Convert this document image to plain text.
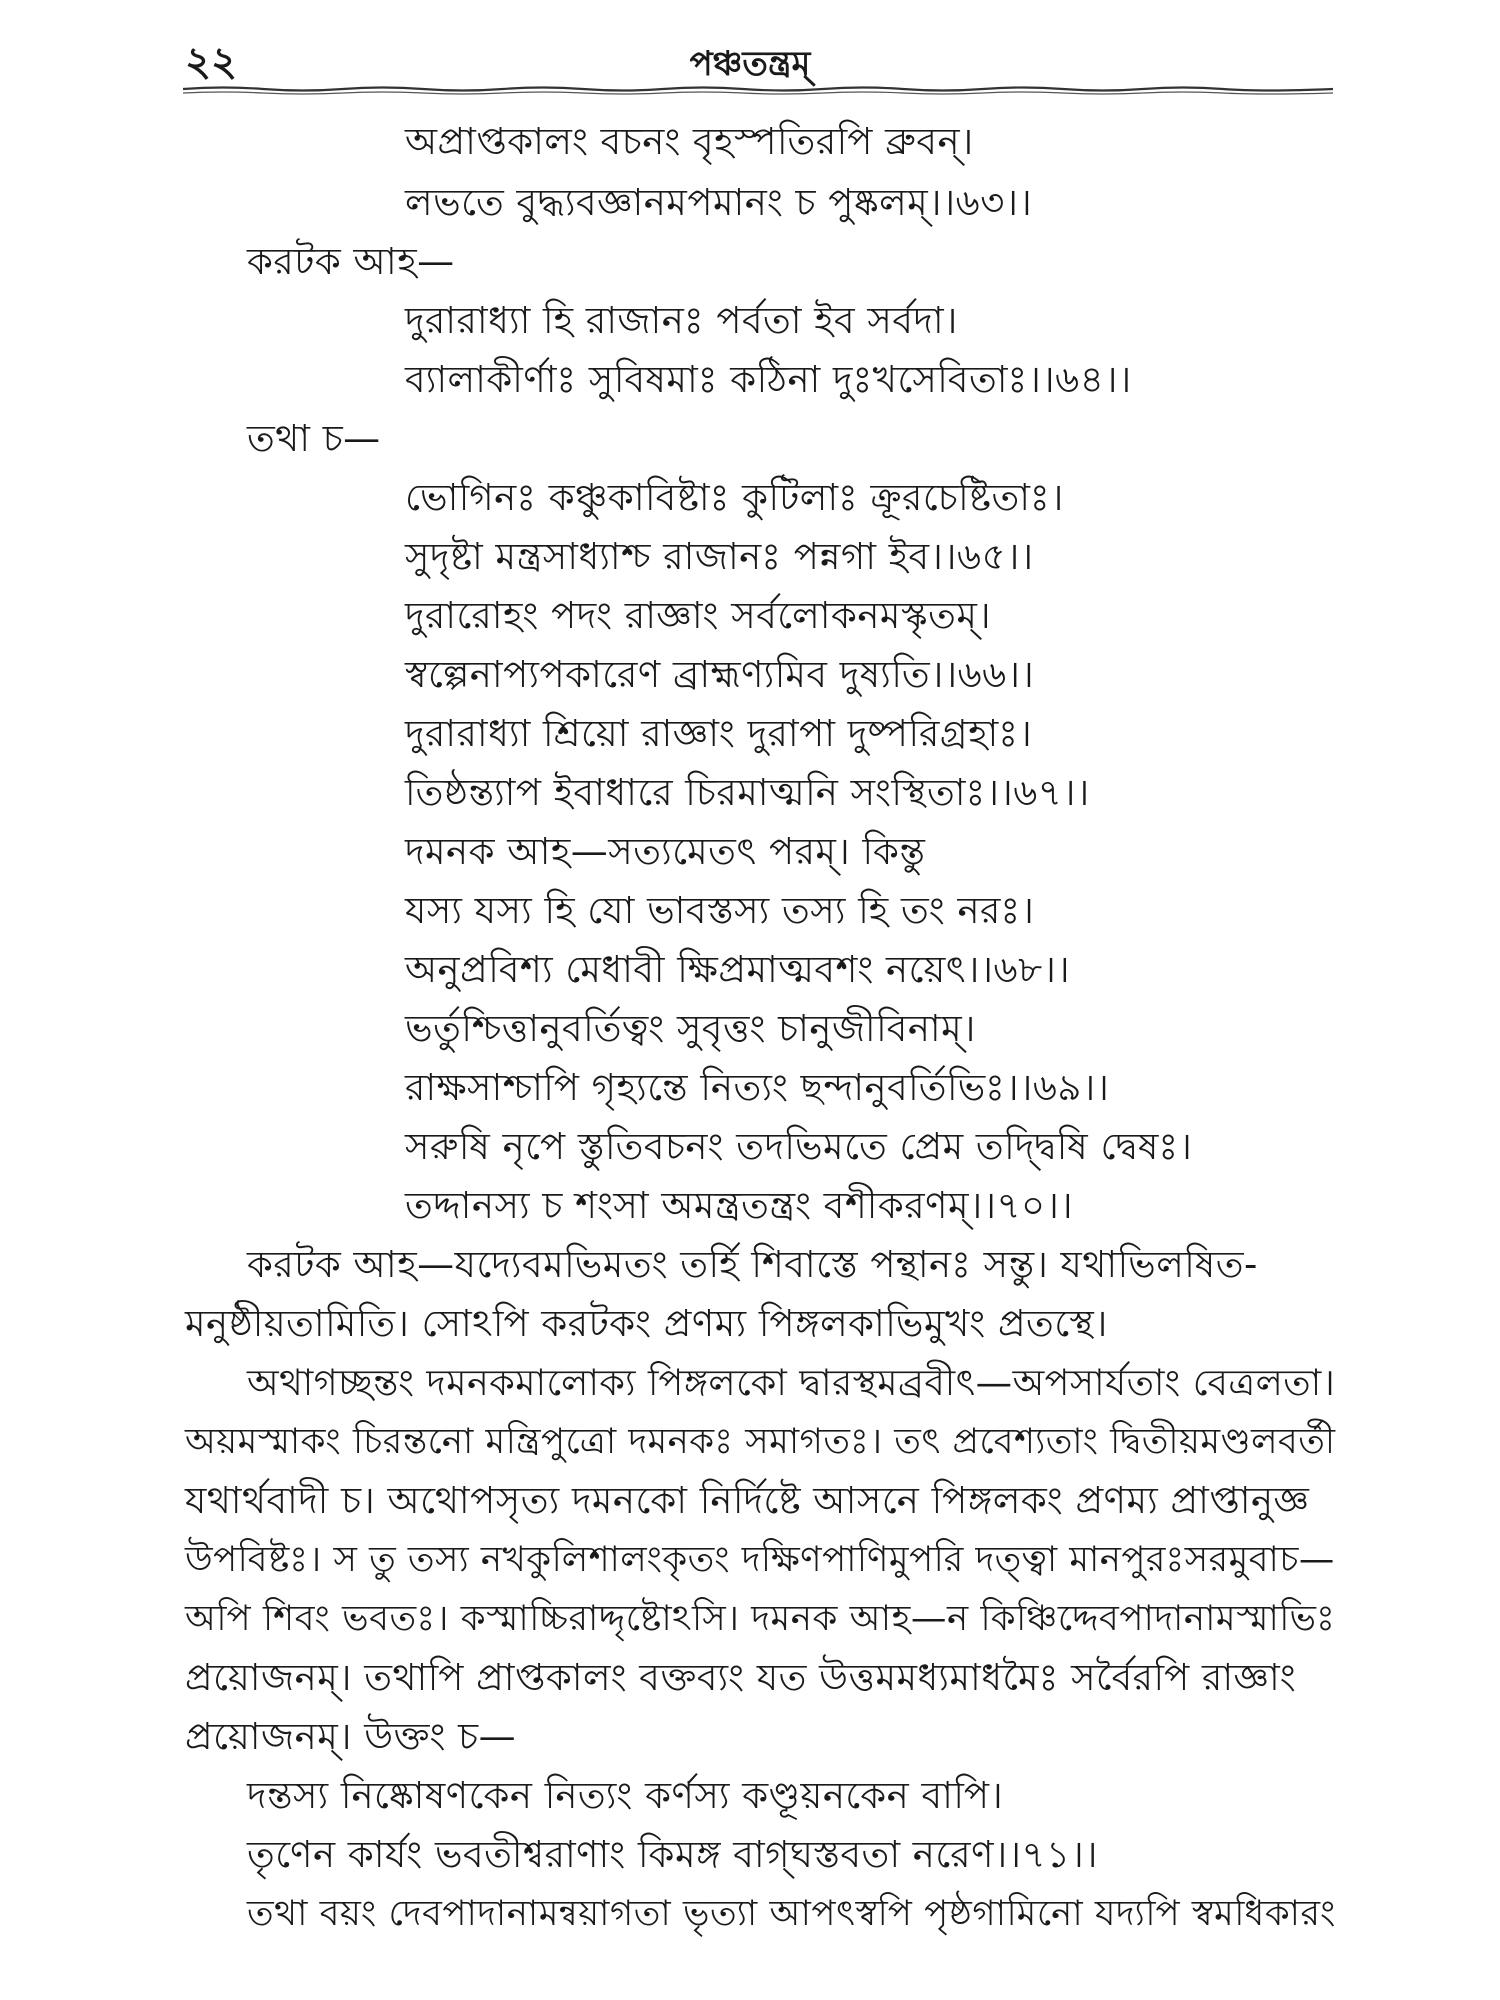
২২	পঞ্চতন্ত্রম্
অপ্রাপ্তকালং বচনং বৃহস্পতিরপি ব্রুবন্।
লভতে বুদ্ধ্যবজ্ঞানমপমানং চ পুষ্কলম্।।৬৩।।
করটক আহ—
দুরারাধ্যা হি রাজানঃ পর্বতা ইব সর্বদা।
ব্যালাকীর্ণাঃ সুবিষমাঃ কঠিনা দুঃখসেবিতাঃ।।৬৪।।
তথা চ—
ভোগিনঃ কঞ্চুকাবিষ্টাঃ কুটিলাঃ ক্রূরচেষ্টিতাঃ।
সুদৃষ্টা মন্ত্রসাধ্যাশ্চ রাজানঃ পন্নগা ইব।।৬৫।।
দুরারোহং পদং রাজ্ঞাং সর্বলোকনমস্কৃতম্।
স্বল্পেনাপ্যপকারেণ ব্রাহ্মণ্যমিব দুষ্যতি।।৬৬।।
দুরারাধ্যা শ্রিয়ো রাজ্ঞাং দুরাপা দুষ্পরিগ্রহাঃ।
তিষ্ঠন্ত্যাপ ইবাধারে চিরমাত্মনি সংস্থিতাঃ।।৬৭।।
দমনক আহ—সত্যমেতৎ পরম্। কিন্তু
যস্য যস্য হি যো ভাবস্তস্য তস্য হি তং নরঃ।
অনুপ্রবিশ্য মেধাবী ক্ষিপ্রমাত্মবশং নয়েৎ।।৬৮।।
ভর্তুশ্চিত্তানুবর্তিত্বং সুবৃত্তং চানুজীবিনাম্।
রাক্ষসাশ্চাপি গৃহ্যন্তে নিত্যং ছন্দানুবর্তিভিঃ।।৬৯।।
সরুষি নৃপে স্তুতিবচনং তদভিমতে প্রেম তদ্দ্বিষি দ্বেষঃ।
তদ্দানস্য চ শংসা অমন্ত্রতন্ত্রং বশীকরণম্।।৭০।।
করটক আহ—যদ্যেবমভিমতং তর্হি শিবাস্তে পন্থানঃ সন্তু। যথাভিলষিত-
মনুষ্ঠীয়তামিতি। সোঽপি করটকং প্রণম্য পিঙ্গলকাভিমুখং প্রতস্থে।
অথাগচ্ছন্তং দমনকমালোক্য পিঙ্গলকো দ্বারস্থমব্রবীৎ—অপসার্যতাং বেত্রলতা।
অয়মস্মাকং চিরন্তনো মন্ত্রিপুত্রো দমনকঃ সমাগতঃ। তৎ প্রবেশ্যতাং দ্বিতীয়মণ্ডলবর্তী
যথার্থবাদী চ। অথোপসৃত্য দমনকো নির্দিষ্টে আসনে পিঙ্গলকং প্রণম্য প্রাপ্তানুজ্ঞ
উপবিষ্টঃ। স তু তস্য নখকুলিশালংকৃতং দক্ষিণপাণিমুপরি দত্ত্বা মানপুরঃসরমুবাচ—
অপি শিবং ভবতঃ। কস্মাচ্চিরাদ্দৃষ্টোঽসি। দমনক আহ—ন কিঞ্চিদ্দেবপাদানামস্মাভিঃ
প্রয়োজনম্। তথাপি প্রাপ্তকালং বক্তব্যং যত উত্তমমধ্যমাধমৈঃ সর্বৈরপি রাজ্ঞাং
প্রয়োজনম্। উক্তং চ—
দন্তস্য নিষ্কোষণকেন নিত্যং কর্ণস্য কণ্ডূয়নকেন বাপি।
তৃণেন কার্যং ভবতীশ্বরাণাং কিমঙ্গ বাগ্‌ঘস্তবতা নরেণ।।৭১।।
তথা বয়ং দেবপাদানামন্বয়াগতা ভৃত্যা আপৎস্বপি পৃষ্ঠগামিনো যদ্যপি স্বমধিকারং
